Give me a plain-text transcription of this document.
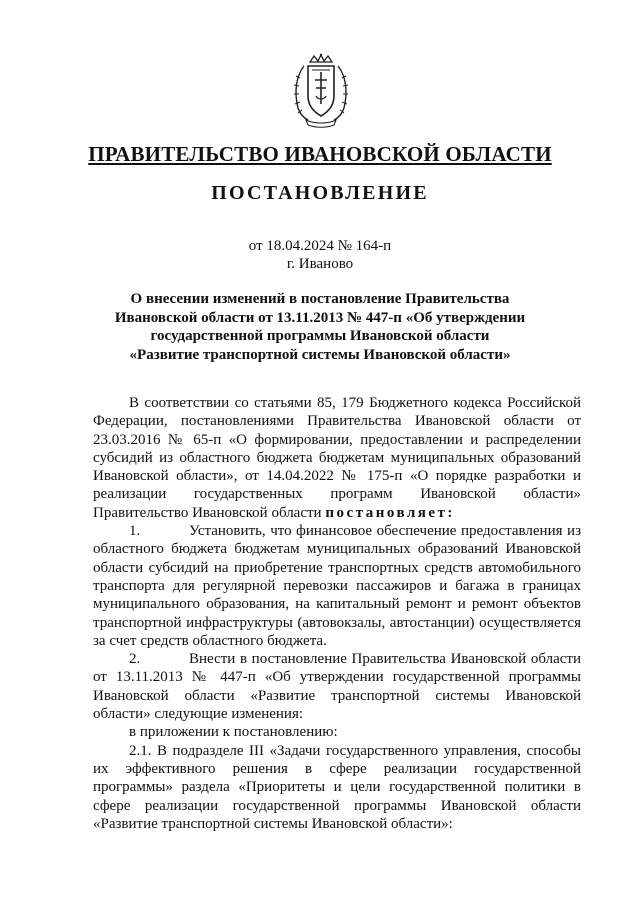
ПРАВИТЕЛЬСТВО ИВАНОВСКОЙ ОБЛАСТИ
ПОСТАНОВЛЕНИЕ
от 18.04.2024 № 164-п
г. Иваново
О внесении изменений в постановление Правительства
Ивановской области от 13.11.2013 № 447-п «Об утверждении
государственной программы Ивановской области
«Развитие транспортной системы Ивановской области»

В соответствии со статьями 85, 179 Бюджетного кодекса Российской Федерации, постановлениями Правительства Ивановской области от 23.03.2016 № 65-п «О формировании, предоставлении и распределении субсидий из областного бюджета бюджетам муниципальных образований Ивановской области», от 14.04.2022 № 175-п «О порядке разработки и реализации государственных программ Ивановской области» Правительство Ивановской области постановляет:

1.	Установить, что финансовое обеспечение предоставления из областного бюджета бюджетам муниципальных образований Ивановской области субсидий на приобретение транспортных средств автомобильного транспорта для регулярной перевозки пассажиров и багажа в границах муниципального образования, на капитальный ремонт и ремонт объектов транспортной инфраструктуры (автовокзалы, автостанции) осуществляется за счет средств областного бюджета.

2.	Внести в постановление Правительства Ивановской области от 13.11.2013 № 447-п «Об утверждении государственной программы Ивановской области «Развитие транспортной системы Ивановской области» следующие изменения:

в приложении к постановлению:

2.1. В подразделе III «Задачи государственного управления, способы их эффективного решения в сфере реализации государственной программы» раздела «Приоритеты и цели государственной политики в сфере реализации государственной программы Ивановской области «Развитие транспортной системы Ивановской области»:
